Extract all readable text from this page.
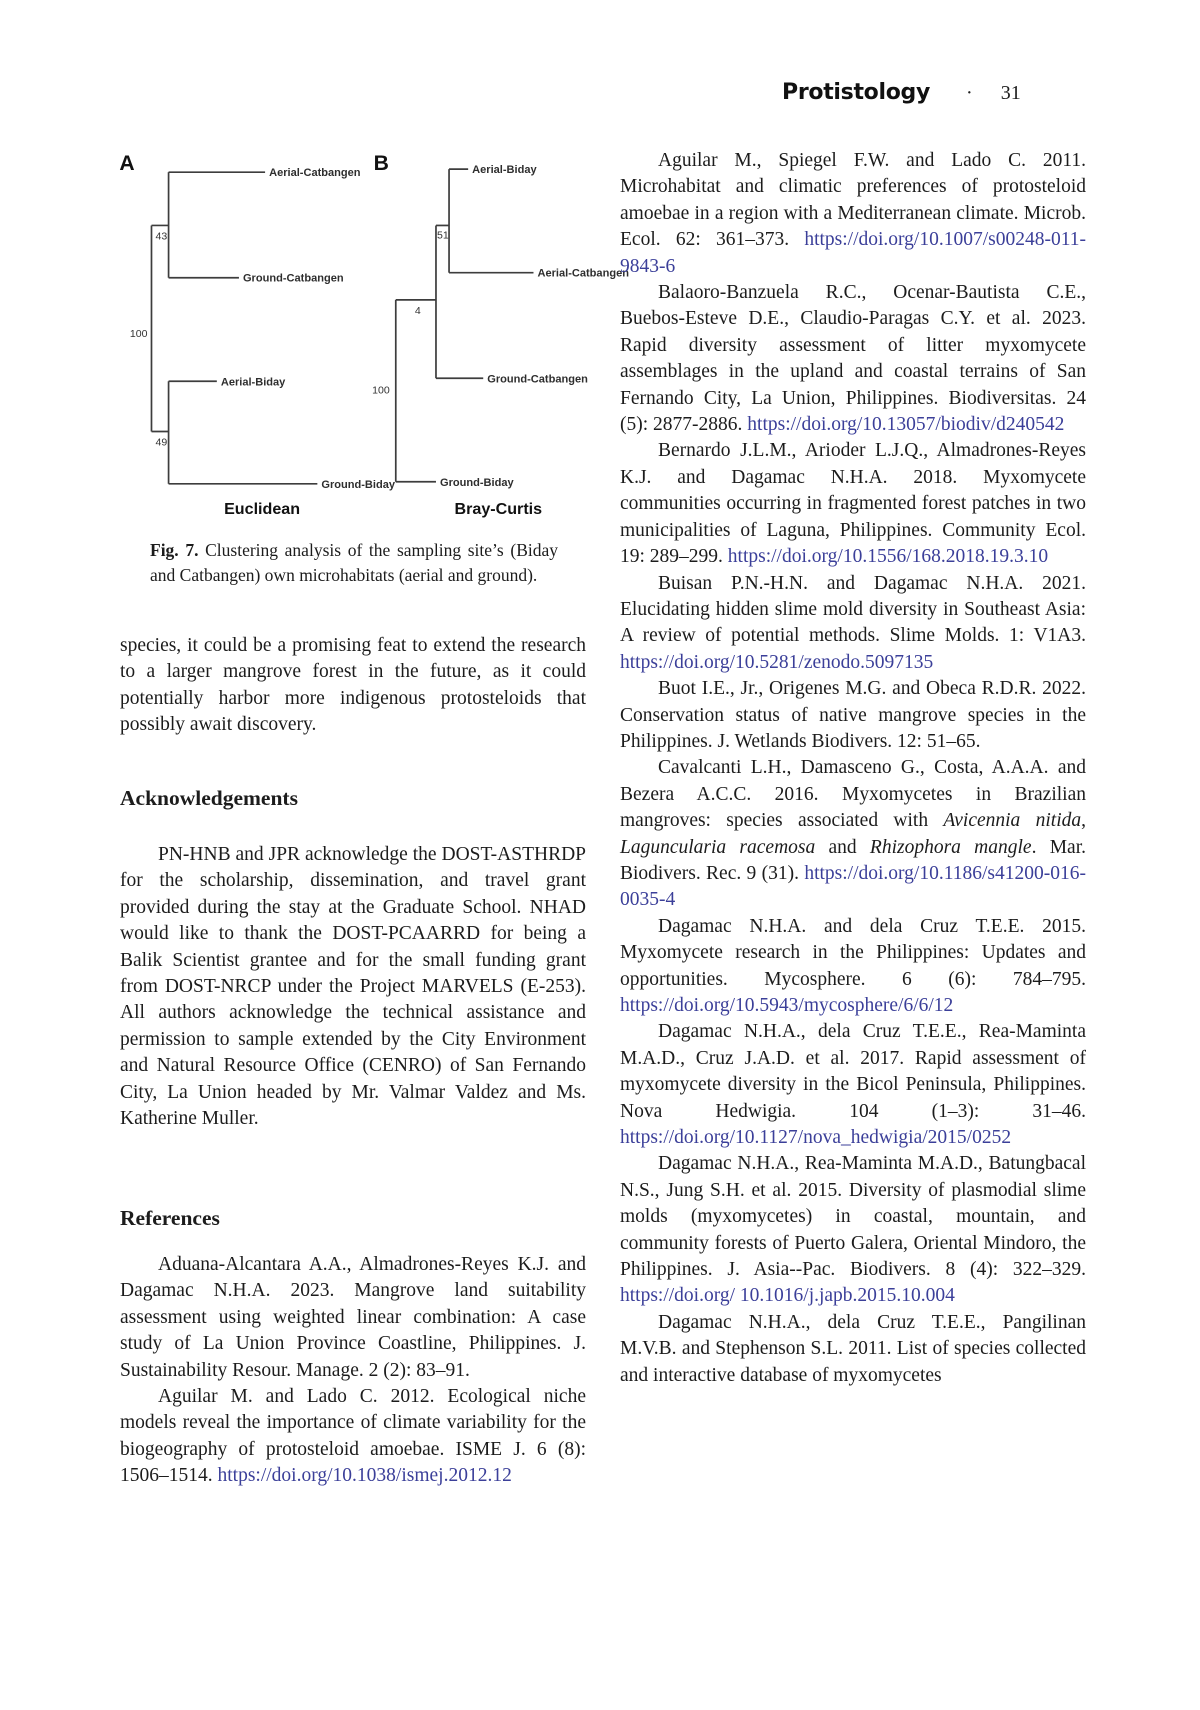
Protistology · 31
A
43
100
49
Aerial-Catbangen
Ground-Catbangen
Aerial-Biday
Ground-Biday
Euclidean
B
51
4
100
Aerial-Biday
Aerial-Catbangen
Ground-Catbangen
Ground-Biday
Bray-Curtis

Fig. 7. Clustering analysis of the sampling site’s (Biday and Catbangen) own microhabitats (aerial and ground).

species, it could be a promising feat to extend the research to a larger mangrove forest in the future, as it could potentially harbor more indigenous protosteloids that possibly await discovery.

Acknowledgements

PN-HNB and JPR acknowledge the DOST-ASTHRDP for the scholarship, dissemination, and travel grant provided during the stay at the Graduate School. NHAD would like to thank the DOST-PCAARRD for being a Balik Scientist grantee and for the small funding grant from DOST-NRCP under the Project MARVELS (E-253). All authors acknowledge the technical assistance and permission to sample extended by the City Environment and Natural Resource Office (CENRO) of San Fernando City, La Union headed by Mr. Valmar Valdez and Ms. Katherine Muller.

References

Aduana-Alcantara A.A., Almadrones-Reyes K.J. and Dagamac N.H.A. 2023. Mangrove land suitability assessment using weighted linear combination: A case study of La Union Province Coastline, Philippines. J. Sustainability Resour. Manage. 2 (2): 83–91.

Aguilar M. and Lado C. 2012. Ecological niche models reveal the importance of climate variability for the biogeography of protosteloid amoebae. ISME J. 6 (8): 1506–1514. https://doi.org/10.1038/ismej.2012.12

Aguilar M., Spiegel F.W. and Lado C. 2011. Microhabitat and climatic preferences of protosteloid amoebae in a region with a Mediterranean climate. Microb. Ecol. 62: 361–373. https://doi.org/10.1007/s00248-011-9843-6

Balaoro-Banzuela R.C., Ocenar-Bautista C.E., Buebos-Esteve D.E., Claudio-Paragas C.Y. et al. 2023. Rapid diversity assessment of litter myxomycete assemblages in the upland and coastal terrains of San Fernando City, La Union, Philippines. Biodiversitas. 24 (5): 2877-2886. https://doi.org/10.13057/biodiv/d240542

Bernardo J.L.M., Arioder L.J.Q., Almadrones-Reyes K.J. and Dagamac N.H.A. 2018. Myxomycete communities occurring in fragmented forest patches in two municipalities of Laguna, Philippines. Community Ecol. 19: 289–299. https://doi.org/10.1556/168.2018.19.3.10

Buisan P.N.-H.N. and Dagamac N.H.A. 2021. Elucidating hidden slime mold diversity in Southeast Asia: A review of potential methods. Slime Molds. 1: V1A3. https://doi.org/10.5281/zenodo.5097135

Buot I.E., Jr., Origenes M.G. and Obeca R.D.R. 2022. Conservation status of native mangrove species in the Philippines. J. Wetlands Biodivers. 12: 51–65.

Cavalcanti L.H., Damasceno G., Costa, A.A.A. and Bezera A.C.C. 2016. Myxomycetes in Brazilian mangroves: species associated with Avicennia nitida, Laguncularia racemosa and Rhizophora mangle. Mar. Biodivers. Rec. 9 (31). https://doi.org/10.1186/s41200-016-0035-4

Dagamac N.H.A. and dela Cruz T.E.E. 2015. Myxomycete research in the Philippines: Updates and opportunities. Mycosphere. 6 (6): 784–795. https://doi.org/10.5943/mycosphere/6/6/12

Dagamac N.H.A., dela Cruz T.E.E., Rea-Maminta M.A.D., Cruz J.A.D. et al. 2017. Rapid assessment of myxomycete diversity in the Bicol Peninsula, Philippines. Nova Hedwigia. 104 (1–3): 31–46. https://doi.org/10.1127/nova_hedwigia/2015/0252

Dagamac N.H.A., Rea-Maminta M.A.D., Batungbacal N.S., Jung S.H. et al. 2015. Diversity of plasmodial slime molds (myxomycetes) in coastal, mountain, and community forests of Puerto Galera, Oriental Mindoro, the Philippines. J. Asia--Pac. Biodivers. 8 (4): 322–329. https://doi.org/ 10.1016/j.japb.2015.10.004

Dagamac N.H.A., dela Cruz T.E.E., Pangilinan M.V.B. and Stephenson S.L. 2011. List of species collected and interactive database of myxomycetes
